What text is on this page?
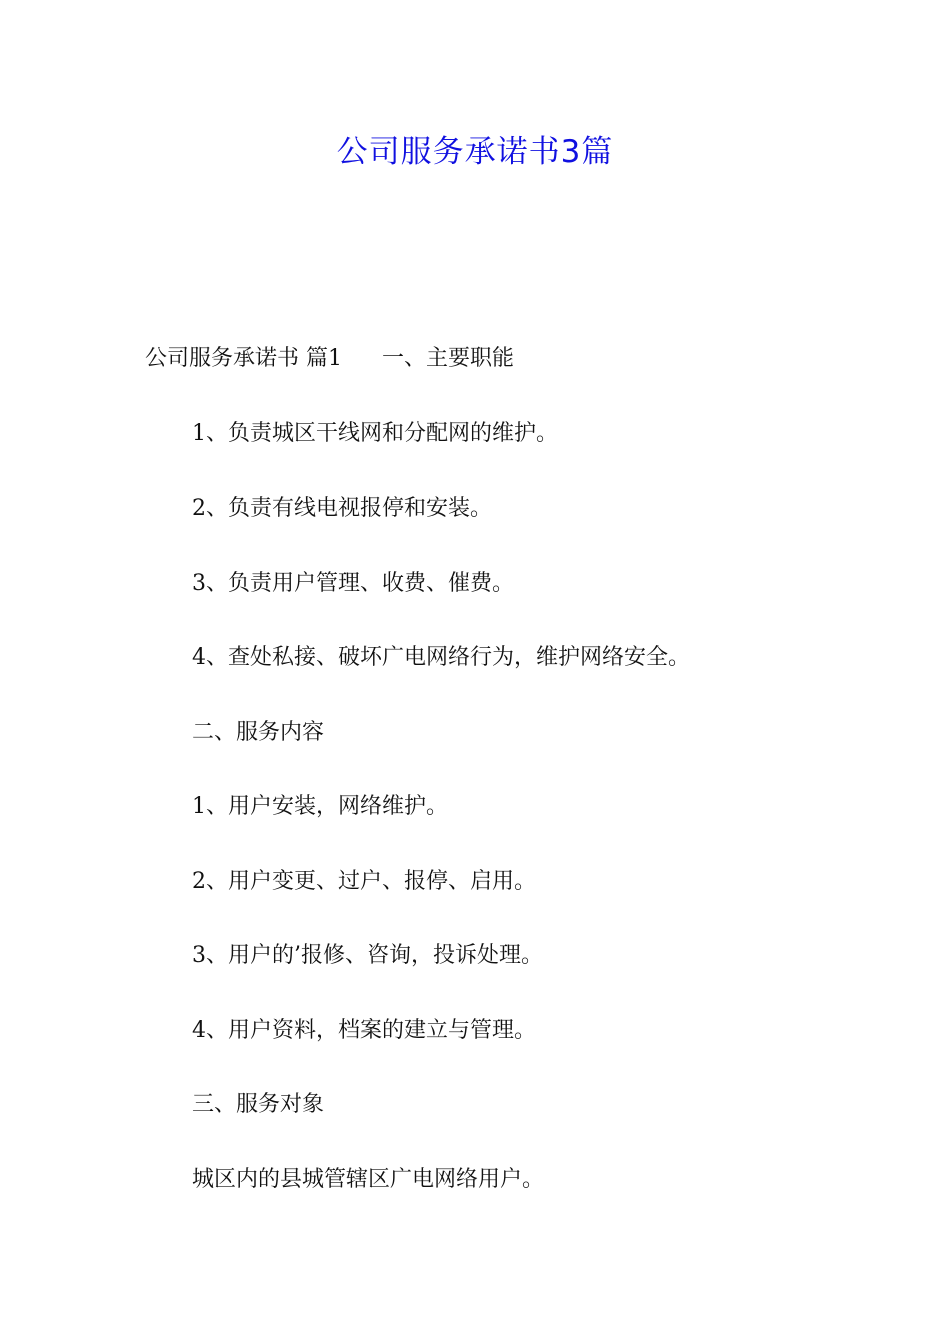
公司服务承诺书3篇
公司服务承诺书 篇1 一、主要职能
1、负责城区干线网和分配网的维护。
2、负责有线电视报停和安装。
3、负责用户管理、收费、催费。
4、查处私接、破坏广电网络行为，维护网络安全。
二、服务内容
1、用户安装，网络维护。
2、用户变更、过户、报停、启用。
3、用户的’报修、咨询，投诉处理。
4、用户资料，档案的建立与管理。
三、服务对象
城区内的县城管辖区广电网络用户。
